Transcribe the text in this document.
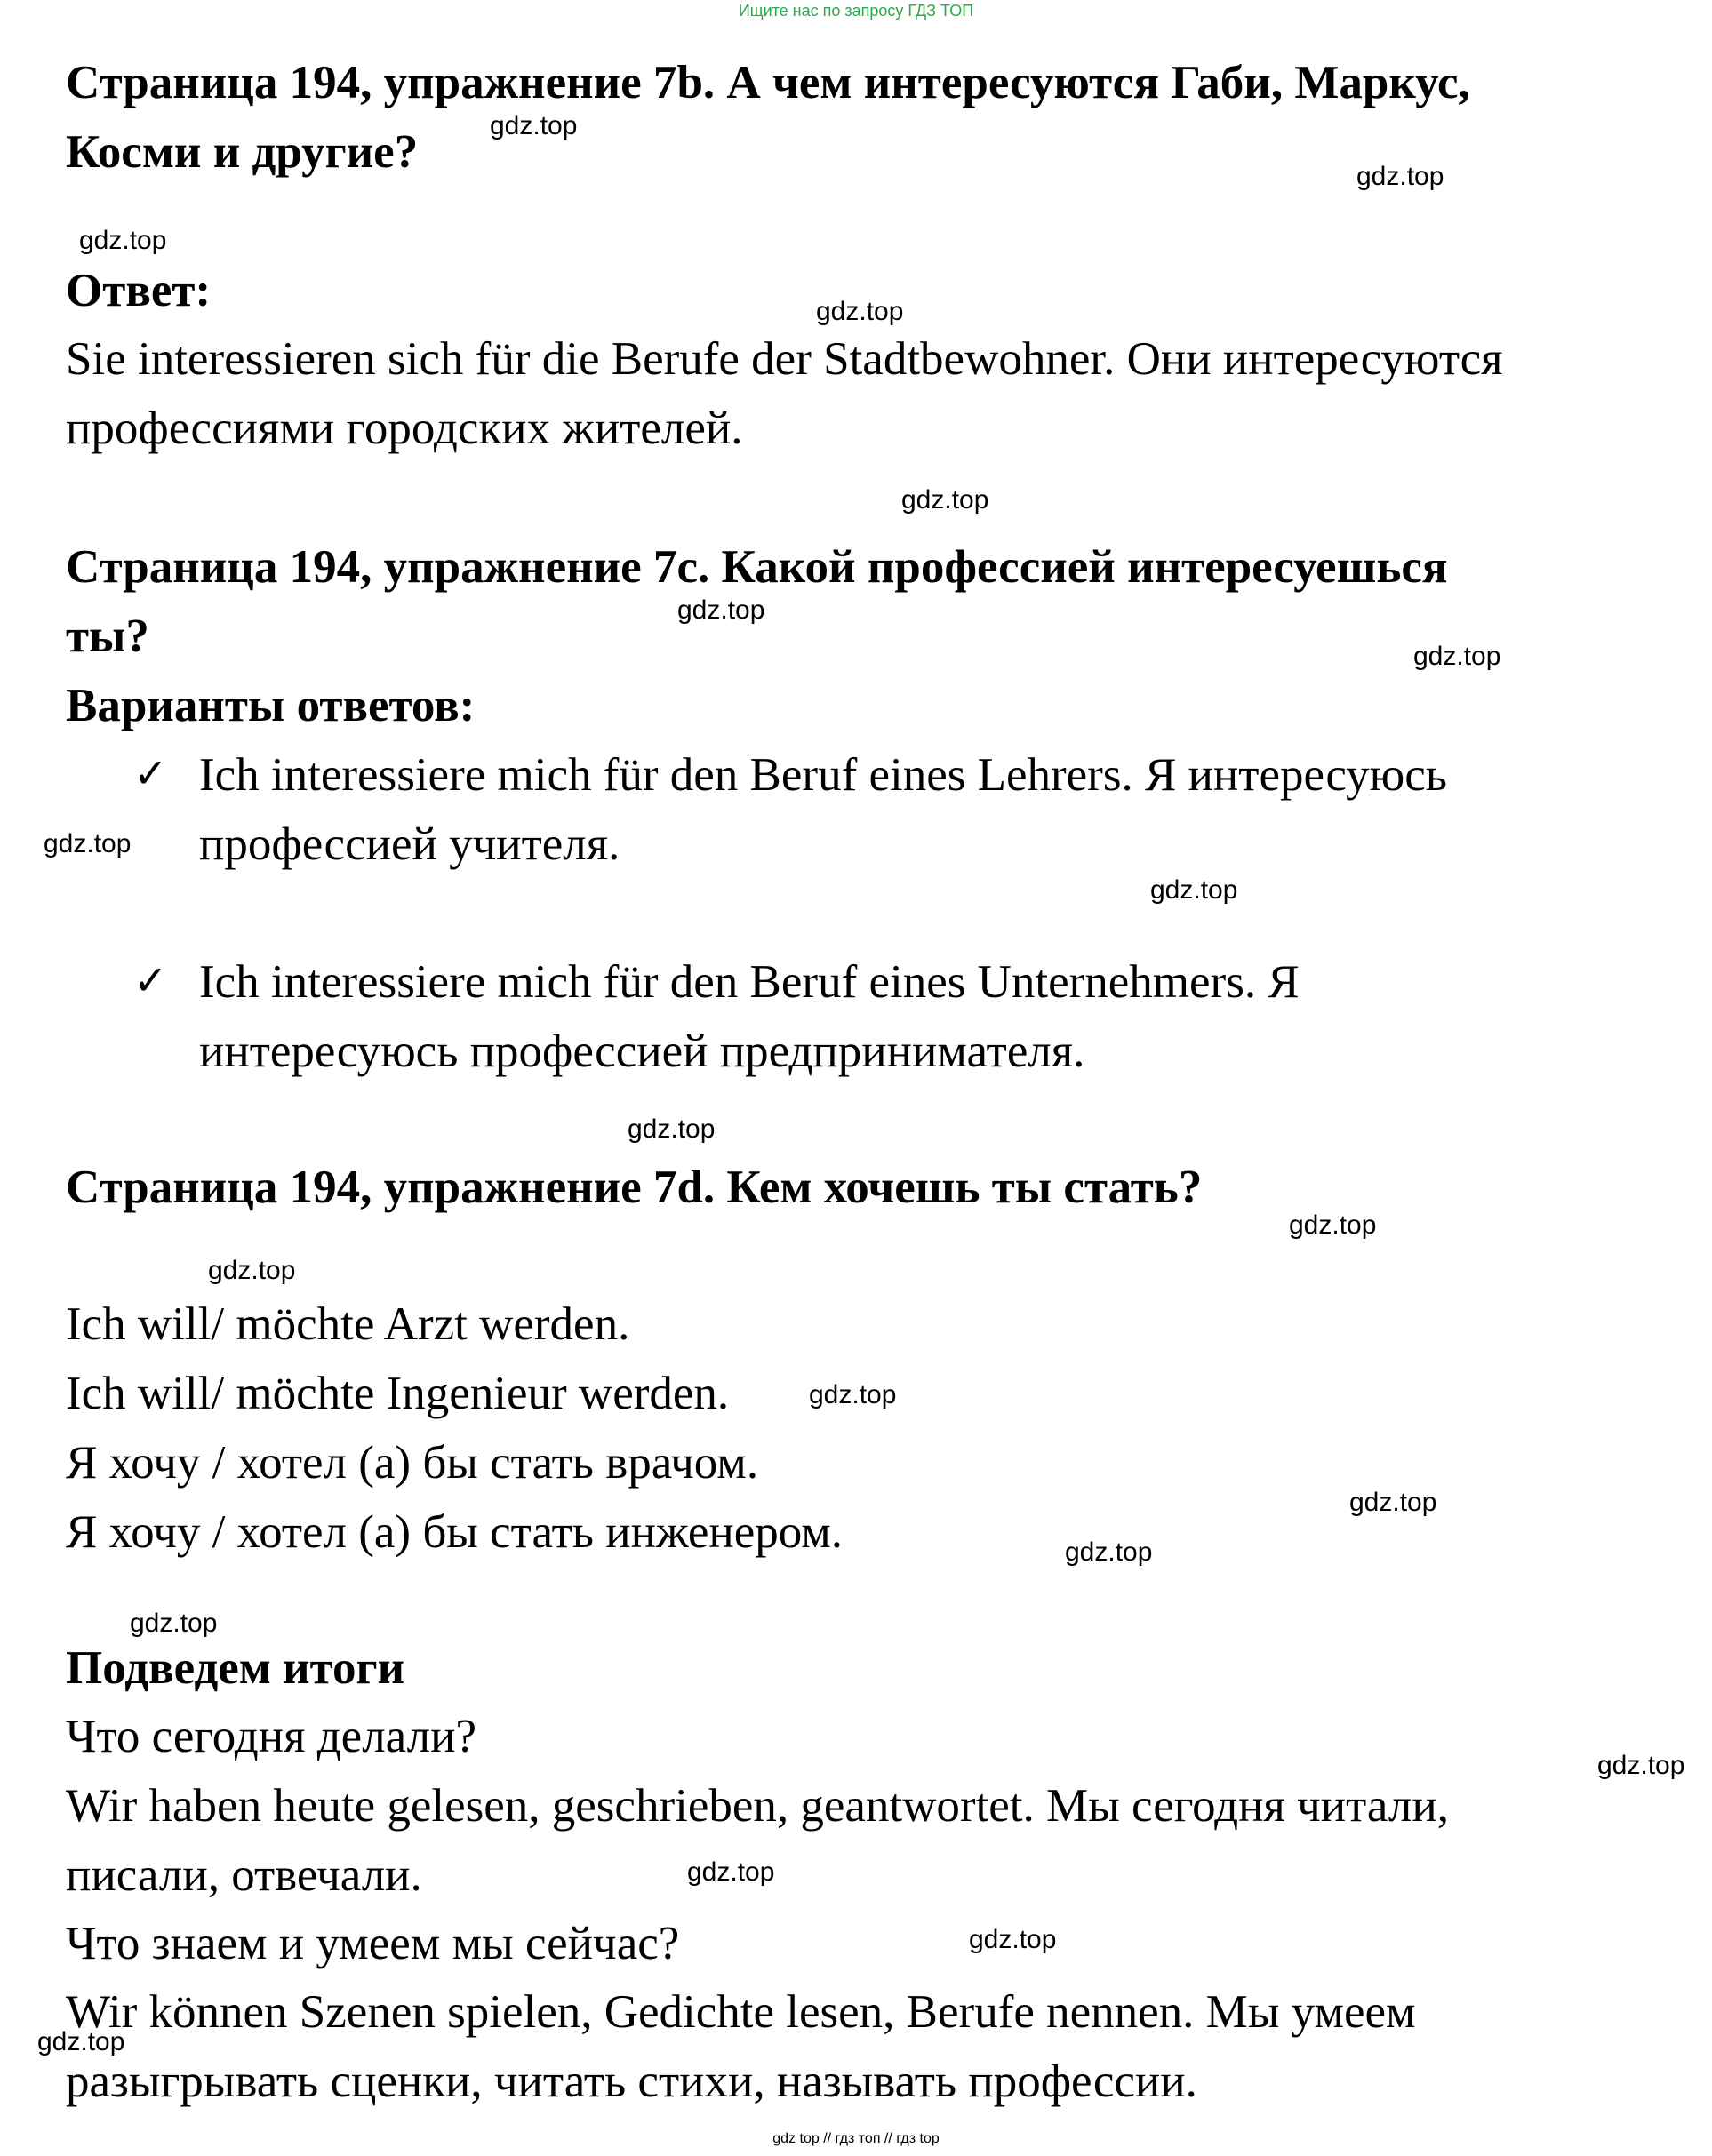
Ищите нас по запросу ГДЗ ТОП
Страница 194, упражнение 7b. А чем интересуются Габи, Маркус,
Косми и другие?
Ответ:
Sie interessieren sich für die Berufe der Stadtbewohner. Они интересуются
профессиями городских жителей.
Страница 194, упражнение 7c. Какой профессией интересуешься
ты?
Варианты ответов:
✓ Ich interessiere mich für den Beruf eines Lehrers. Я интересуюсь
профессией учителя.
✓ Ich interessiere mich für den Beruf eines Unternehmers. Я
интересуюсь профессией предпринимателя.
Страница 194, упражнение 7d. Кем хочешь ты стать?
Ich will/ möchte Arzt werden.
Ich will/ möchte Ingenieur werden.
Я хочу / хотел (а) бы стать врачом.
Я хочу / хотел (а) бы стать инженером.
Подведем итоги
Что сегодня делали?
Wir haben heute gelesen, geschrieben, geantwortet. Мы сегодня читали,
писали, отвечали.
Что знаем и умеем мы сейчас?
Wir können Szenen spielen, Gedichte lesen, Berufe nennen. Мы умеем
разыгрывать сценки, читать стихи, называть профессии.
gdz.top
gdz.top
gdz.top
gdz.top
gdz.top
gdz.top
gdz.top
gdz.top
gdz.top
gdz.top
gdz.top
gdz.top
gdz.top
gdz.top
gdz.top
gdz.top
gdz.top
gdz.top
gdz.top
gdz.top
gdz top // гдз топ // гдз top
